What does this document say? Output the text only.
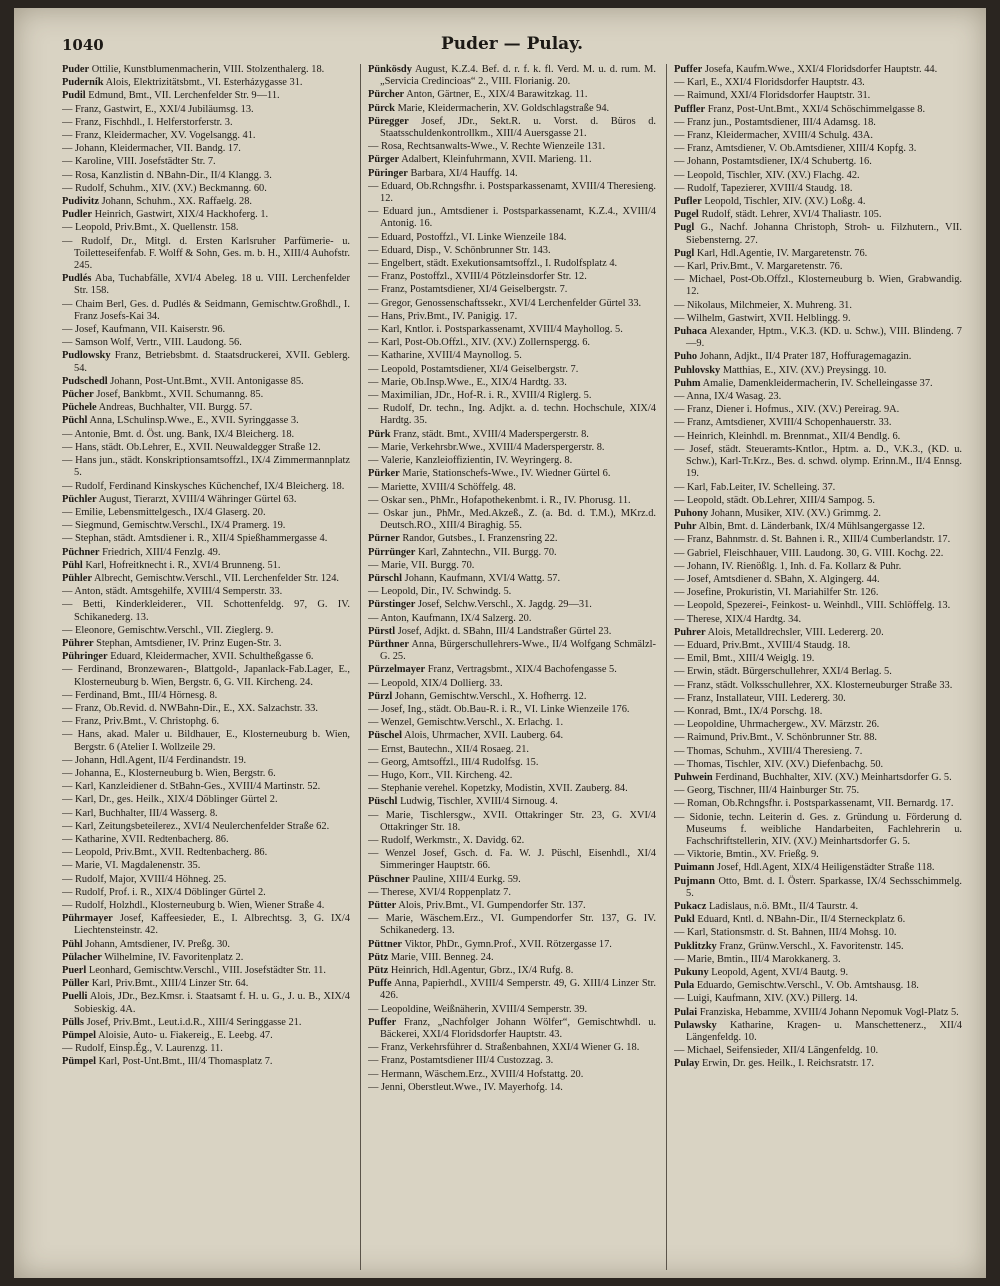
1040	Puder — Pulay.
Puder Ottilie, Kunstblumenmacherin, VIII. Stolzenthalerg. 18.
Puderník Alois, Elektrizitätsbmt., VI. Esterházygasse 31.
Pudil Edmund, Bmt., VII. Lerchenfelder Str. 9—11.
— Franz, Gastwirt, E., XXI/4 Jubiläumsg. 13.
— Franz, Fischhdl., I. Helferstorferstr. 3.
— Franz, Kleidermacher, XV. Vogelsangg. 41.
— Johann, Kleidermacher, VII. Bandg. 17.
— Karoline, VIII. Josefstädter Str. 7.
— Rosa, Kanzlistin d. NBahn-Dir., II/4 Klangg. 3.
— Rudolf, Schuhm., XIV. (XV.) Beckmanng. 60.
Pudivitz Johann, Schuhm., XX. Raffaelg. 28.
Pudler Heinrich, Gastwirt, XIX/4 Hackhoferg. 1.
— Leopold, Priv.Bmt., X. Quellenstr. 158.
— Rudolf, Dr., Mitgl. d. Ersten Karlsruher Parfümerie- u. Toiletteseifenfab. F. Wolff & Sohn, Ges. m. b. H., XIII/4 Auhofstr. 245.
Pudlés Aba, Tuchabfälle, XVI/4 Abeleg. 18 u. VIII. Lerchenfelder Str. 158.
— Chaim Berl, Ges. d. Pudlés & Seidmann, Gemischtw.Großhdl., I. Franz Josefs-Kai 34.
— Josef, Kaufmann, VII. Kaiserstr. 96.
— Samson Wolf, Vertr., VIII. Laudong. 56.
Pudlowsky Franz, Betriebsbmt. d. Staatsdruckerei, XVII. Geblerg. 54.
Pudschedl Johann, Post-Unt.Bmt., XVII. Antonigasse 85.
Pücher Josef, Bankbmt., XVII. Schumanng. 85.
Püchele Andreas, Buchhalter, VII. Burgg. 57.
Püchl Anna, LSchulinsp.Wwe., E., XVII. Syringgasse 3.
— Antonie, Bmt. d. Öst. ung. Bank, IX/4 Bleicherg. 18.
— Hans, städt. Ob.Lehrer, E., XVII. Neuwaldegger Straße 12.
— Hans jun., städt. Konskriptionsamtsoffzl., IX/4 Zimmermannplatz 5.
— Rudolf, Ferdinand Kinskysches Küchenchef, IX/4 Bleicherg. 18.
Püchler August, Tierarzt, XVIII/4 Währinger Gürtel 63.
— Emilie, Lebensmittelgesch., IX/4 Glaserg. 20.
— Siegmund, Gemischtw.Verschl., IX/4 Pramerg. 19.
— Stephan, städt. Amtsdiener i. R., XII/4 Spießhammergasse 4.
Püchner Friedrich, XIII/4 Fenzlg. 49.
Pühl Karl, Hofreitknecht i. R., XVI/4 Brunneng. 51.
Pühler Albrecht, Gemischtw.Verschl., VII. Lerchenfelder Str. 124.
— Anton, städt. Amtsgehilfe, XVIII/4 Semperstr. 33.
— Betti, Kinderkleiderer., VII. Schottenfeldg. 97, G. IV. Schikanederg. 13.
— Eleonore, Gemischtw.Verschl., VII. Zieglerg. 9.
Pührer Stephan, Amtsdiener, IV. Prinz Eugen-Str. 3.
Pühringer Eduard, Kleidermacher, XVII. Schultheßgasse 6.
— Ferdinand, Bronzewaren-, Blattgold-, Japanlack-Fab.Lager, E., Klosterneuburg b. Wien, Bergstr. 6, G. VII. Kircheng. 24.
— Ferdinand, Bmt., III/4 Hörnesg. 8.
— Franz, Ob.Revid. d. NWBahn-Dir., E., XX. Salzachstr. 33.
— Franz, Priv.Bmt., V. Christophg. 6.
— Hans, akad. Maler u. Bildhauer, E., Klosterneuburg b. Wien, Bergstr. 6 (Atelier I. Wollzeile 29.
— Johann, Hdl.Agent, II/4 Ferdinandstr. 19.
— Johanna, E., Klosterneuburg b. Wien, Bergstr. 6.
— Karl, Kanzleidiener d. StBahn-Ges., XVIII/4 Martinstr. 52.
— Karl, Dr., ges. Heilk., XIX/4 Döblinger Gürtel 2.
— Karl, Buchhalter, III/4 Wasserg. 8.
— Karl, Zeitungsbeteilerez., XVI/4 Neulerchenfelder Straße 62.
— Katharine, XVII. Redtenbacherg. 86.
— Leopold, Priv.Bmt., XVII. Redtenbacherg. 86.
— Marie, VI. Magdalenenstr. 35.
— Rudolf, Major, XVIII/4 Höhneg. 25.
— Rudolf, Prof. i. R., XIX/4 Döblinger Gürtel 2.
— Rudolf, Holzhdl., Klosterneuburg b. Wien, Wiener Straße 4.
Pührmayer Josef, Kaffeesieder, E., I. Albrechtsg. 3, G. IX/4 Liechtensteinstr. 42.
Pühl Johann, Amtsdiener, IV. Preßg. 30.
Pülacher Wilhelmine, IV. Favoritenplatz 2.
Puerl Leonhard, Gemischtw.Verschl., VIII. Josefstädter Str. 11.
Püller Karl, Priv.Bmt., XIII/4 Linzer Str. 64.
Puelli Alois, JDr., Bez.Kmsr. i. Staatsamt f. H. u. G., J. u. B., XIX/4 Sobieskig. 4A.
Pülls Josef, Priv.Bmt., Leut.i.d.R., XIII/4 Seringgasse 21.
Pümpel Aloisie, Auto- u. Fiakereig., E. Leebg. 47.
— Rudolf, Einsp.Ég., V. Laurenzg. 11.
Pümpel Karl, Post-Unt.Bmt., III/4 Thomasplatz 7.
Pünkösdy August, K.Z.4. Bef. d. r. f. k. fl. Verd. M. u. d. rum. M. „Servicia Credincioas“ 2., VIII. Florianig. 20.
Pürcher Anton, Gärtner, E., XIX/4 Barawitzkag. 11.
Pürck Marie, Kleidermacherin, XV. Goldschlagstraße 94.
Püregger Josef, JDr., Sekt.R. u. Vorst. d. Büros d. Staatsschuldenkontrollkm., XIII/4 Auersgasse 21.
— Rosa, Rechtsanwalts-Wwe., V. Rechte Wienzeile 131.
Pürger Adalbert, Kleinfuhrmann, XVII. Marieng. 11.
Püringer Barbara, XI/4 Hauffg. 14.
— Eduard, Ob.Rchngsfhr. i. Postsparkassenamt, XVIII/4 Theresieng. 12.
— Eduard jun., Amtsdiener i. Postsparkassenamt, K.Z.4., XVIII/4 Antonig. 16.
— Eduard, Postoffzl., VI. Linke Wienzeile 184.
— Eduard, Disp., V. Schönbrunner Str. 143.
— Engelbert, städt. Exekutionsamtsoffzl., I. Rudolfsplatz 4.
— Franz, Postoffzl., XVIII/4 Pötzleinsdorfer Str. 12.
— Franz, Postamtsdiener, XI/4 Geiselbergstr. 7.
— Gregor, Genossenschaftssekr., XVI/4 Lerchenfelder Gürtel 33.
— Hans, Priv.Bmt., IV. Panigig. 17.
— Karl, Kntlor. i. Postsparkassenamt, XVIII/4 Mayhollog. 5.
— Karl, Post-Ob.Offzl., XIV. (XV.) Zollernspergg. 6.
— Katharine, XVIII/4 Maynollog. 5.
— Leopold, Postamtsdiener, XI/4 Geiselbergstr. 7.
— Marie, Ob.Insp.Wwe., E., XIX/4 Hardtg. 33.
— Maximilian, JDr., Hof-R. i. R., XVIII/4 Riglerg. 5.
— Rudolf, Dr. techn., Ing. Adjkt. a. d. techn. Hochschule, XIX/4 Hardtg. 35.
Pürk Franz, städt. Bmt., XVIII/4 Maderspergerstr. 8.
— Marie, Verkehrsbr.Wwe., XVIII/4 Maderspergerstr. 8.
— Valerie, Kanzleioffizientin, IV. Weyringerg. 8.
Pürker Marie, Stationschefs-Wwe., IV. Wiedner Gürtel 6.
— Mariette, XVIII/4 Schöffelg. 48.
— Oskar sen., PhMr., Hofapothekenbmt. i. R., IV. Phorusg. 11.
— Oskar jun., PhMr., Med.Akzeß., Z. (a. Bd. d. T.M.), MKrz.d. Deutsch.RO., XIII/4 Biraghig. 55.
Pürner Randor, Gutsbes., I. Franzensring 22.
Pürrünger Karl, Zahntechn., VII. Burgg. 70.
— Marie, VII. Burgg. 70.
Pürschl Johann, Kaufmann, XVI/4 Wattg. 57.
— Leopold, Dir., IV. Schwindg. 5.
Pürstinger Josef, Selchw.Verschl., X. Jagdg. 29—31.
— Anton, Kaufmann, IX/4 Salzerg. 20.
Pürstl Josef, Adjkt. d. SBahn, III/4 Landstraßer Gürtel 23.
Pürthner Anna, Bürgerschullehrers-Wwe., II/4 Wolfgang Schmälzl-G. 25.
Pürzelmayer Franz, Vertragsbmt., XIX/4 Bachofengasse 5.
— Leopold, XIX/4 Dollierg. 33.
Pürzl Johann, Gemischtw.Verschl., X. Hofherrg. 12.
— Josef, Ing., städt. Ob.Bau-R. i. R., VI. Linke Wienzeile 176.
— Wenzel, Gemischtw.Verschl., X. Erlachg. 1.
Püschel Alois, Uhrmacher, XVII. Lauberg. 64.
— Ernst, Bautechn., XII/4 Rosaeg. 21.
— Georg, Amtsoffzl., III/4 Rudolfsg. 15.
— Hugo, Korr., VII. Kircheng. 42.
— Stephanie verehel. Kopetzky, Modistin, XVII. Zauberg. 84.
Püschl Ludwig, Tischler, XVIII/4 Sirnoug. 4.
— Marie, Tischlersgw., XVII. Ottakringer Str. 23, G. XVI/4 Ottakringer Str. 18.
— Rudolf, Werkmstr., X. Davidg. 62.
— Wenzel Josef, Gsch. d. Fa. W. J. Püschl, Eisenhdl., XI/4 Simmeringer Hauptstr. 66.
Püschner Pauline, XIII/4 Eurkg. 59.
— Therese, XVI/4 Roppenplatz 7.
Pütter Alois, Priv.Bmt., VI. Gumpendorfer Str. 137.
— Marie, Wäschem.Erz., VI. Gumpendorfer Str. 137, G. IV. Schikanederg. 13.
Püttner Viktor, PhDr., Gymn.Prof., XVII. Rötzergasse 17.
Pütz Marie, VIII. Benneg. 24.
Pütz Heinrich, Hdl.Agentur, Gbrz., IX/4 Rufg. 8.
Puffe Anna, Papierhdl., XVIII/4 Semperstr. 49, G. XIII/4 Linzer Str. 426.
— Leopoldine, Weißnäherin, XVIII/4 Semperstr. 39.
Puffer Franz, „Nachfolger Johann Wölfer“, Gemischtwhdl. u. Bäckerei, XXI/4 Floridsdorfer Hauptstr. 43.
— Franz, Verkehrsführer d. Straßenbahnen, XXI/4 Wiener G. 18.
— Franz, Postamtsdiener III/4 Custozzag. 3.
— Hermann, Wäschem.Erz., XVIII/4 Hofstattg. 20.
— Jenni, Oberstleut.Wwe., IV. Mayerhofg. 14.
Puffer Josefa, Kaufm.Wwe., XXI/4 Floridsdorfer Hauptstr. 44.
— Karl, E., XXI/4 Floridsdorfer Hauptstr. 43.
— Raimund, XXI/4 Floridsdorfer Hauptstr. 31.
Puffler Franz, Post-Unt.Bmt., XXI/4 Schöschimmelgasse 8.
— Franz jun., Postamtsdiener, III/4 Adamsg. 18.
— Franz, Kleidermacher, XVIII/4 Schulg. 43A.
— Franz, Amtsdiener, V. Ob.Amtsdiener, XIII/4 Kopfg. 3.
— Johann, Postamtsdiener, IX/4 Schubertg. 16.
— Leopold, Tischler, XIV. (XV.) Flachg. 42.
— Rudolf, Tapezierer, XVIII/4 Staudg. 18.
Pufler Leopold, Tischler, XIV. (XV.) Loßg. 4.
Pugel Rudolf, städt. Lehrer, XVI/4 Thaliastr. 105.
Pugl G., Nachf. Johanna Christoph, Stroh- u. Filzhutern., VII. Siebensterng. 27.
Pugl Karl, Hdl.Agentie, IV. Margaretenstr. 76.
— Karl, Priv.Bmt., V. Margaretenstr. 76.
— Michael, Post-Ob.Offzl., Klosterneuburg b. Wien, Grabwandig. 12.
— Nikolaus, Milchmeier, X. Muhreng. 31.
— Wilhelm, Gastwirt, XVII. Helblingg. 9.
Puhaca Alexander, Hptm., V.K.3. (KD. u. Schw.), VIII. Blindeng. 7—9.
Puho Johann, Adjkt., II/4 Prater 187, Hoffuragemagazin.
Puhlovsky Matthias, E., XIV. (XV.) Preysingg. 10.
Puhm Amalie, Damenkleidermacherin, IV. Schelleingasse 37.
— Anna, IX/4 Wasag. 23.
— Franz, Diener i. Hofmus., XIV. (XV.) Pereirag. 9A.
— Franz, Amtsdiener, XVIII/4 Schopenhauerstr. 33.
— Heinrich, Kleinhdl. m. Brennmat., XII/4 Bendlg. 6.
— Josef, städt. Steueramts-Kntlor., Hptm. a. D., V.K.3., (KD. u. Schw.), Karl-Tr.Krz., Bes. d. schwd. olymp. Erinn.M., II/4 Ennsg. 19.
— Karl, Fab.Leiter, IV. Schelleing. 37.
— Leopold, städt. Ob.Lehrer, XIII/4 Sampog. 5.
Puhony Johann, Musiker, XIV. (XV.) Grimmg. 2.
Puhr Albin, Bmt. d. Länderbank, IX/4 Mühlsangergasse 12.
— Franz, Bahnmstr. d. St. Bahnen i. R., XIII/4 Cumberlandstr. 17.
— Gabriel, Fleischhauer, VIII. Laudong. 30, G. VIII. Kochg. 22.
— Johann, IV. Rienößlg. 1, Inh. d. Fa. Kollarz & Puhr.
— Josef, Amtsdiener d. SBahn, X. Algingerg. 44.
— Josefine, Prokuristin, VI. Mariahilfer Str. 126.
— Leopold, Spezerei-, Feinkost- u. Weinhdl., VIII. Schlöffelg. 13.
— Therese, XIX/4 Hardtg. 34.
Puhrer Alois, Metalldrechsler, VIII. Ledererg. 20.
— Eduard, Priv.Bmt., XVIII/4 Staudg. 18.
— Emil, Bmt., XIII/4 Weiglg. 19.
— Erwin, städt. Bürgerschullehrer, XXI/4 Berlag. 5.
— Franz, städt. Volksschullehrer, XX. Klosterneuburger Straße 33.
— Franz, Installateur, VIII. Ledererg. 30.
— Konrad, Bmt., IX/4 Porschg. 18.
— Leopoldine, Uhrmachergew., XV. Märzstr. 26.
— Raimund, Priv.Bmt., V. Schönbrunner Str. 88.
— Thomas, Schuhm., XVIII/4 Theresieng. 7.
— Thomas, Tischler, XIV. (XV.) Diefenbachg. 50.
Puhwein Ferdinand, Buchhalter, XIV. (XV.) Meinhartsdorfer G. 5.
— Georg, Tischner, III/4 Hainburger Str. 75.
— Roman, Ob.Rchngsfhr. i. Postsparkassenamt, VII. Bernardg. 17.
— Sidonie, techn. Leiterin d. Ges. z. Gründung u. Förderung d. Museums f. weibliche Handarbeiten, Fachlehrerin u. Fachschriftstellerin, XIV. (XV.) Meinhartsdorfer G. 5.
— Viktorie, Bmtin., XV. Frießg. 9.
Puimann Josef, Hdl.Agent, XIX/4 Heiligenstädter Straße 118.
Pujmann Otto, Bmt. d. I. Österr. Sparkasse, IX/4 Sechsschimmelg. 5.
Pukacz Ladislaus, n.ö. BMt., II/4 Taurstr. 4.
Pukl Eduard, Kntl. d. NBahn-Dir., II/4 Sterneckplatz 6.
— Karl, Stationsmstr. d. St. Bahnen, III/4 Mohsg. 10.
Puklitzky Franz, Grünw.Verschl., X. Favoritenstr. 145.
— Marie, Bmtin., III/4 Marokkanerg. 3.
Pukuny Leopold, Agent, XVI/4 Bautg. 9.
Pula Eduardo, Gemischtw.Verschl., V. Ob. Amtshausg. 18.
— Luigi, Kaufmann, XIV. (XV.) Pillerg. 14.
Pulai Franziska, Hebamme, XVIII/4 Johann Nepomuk Vogl-Platz 5.
Pulawsky Katharine, Kragen- u. Manschettenerz., XII/4 Längenfeldg. 10.
— Michael, Seifensieder, XII/4 Längenfeldg. 10.
Pulay Erwin, Dr. ges. Heilk., I. Reichsratstr. 17.
